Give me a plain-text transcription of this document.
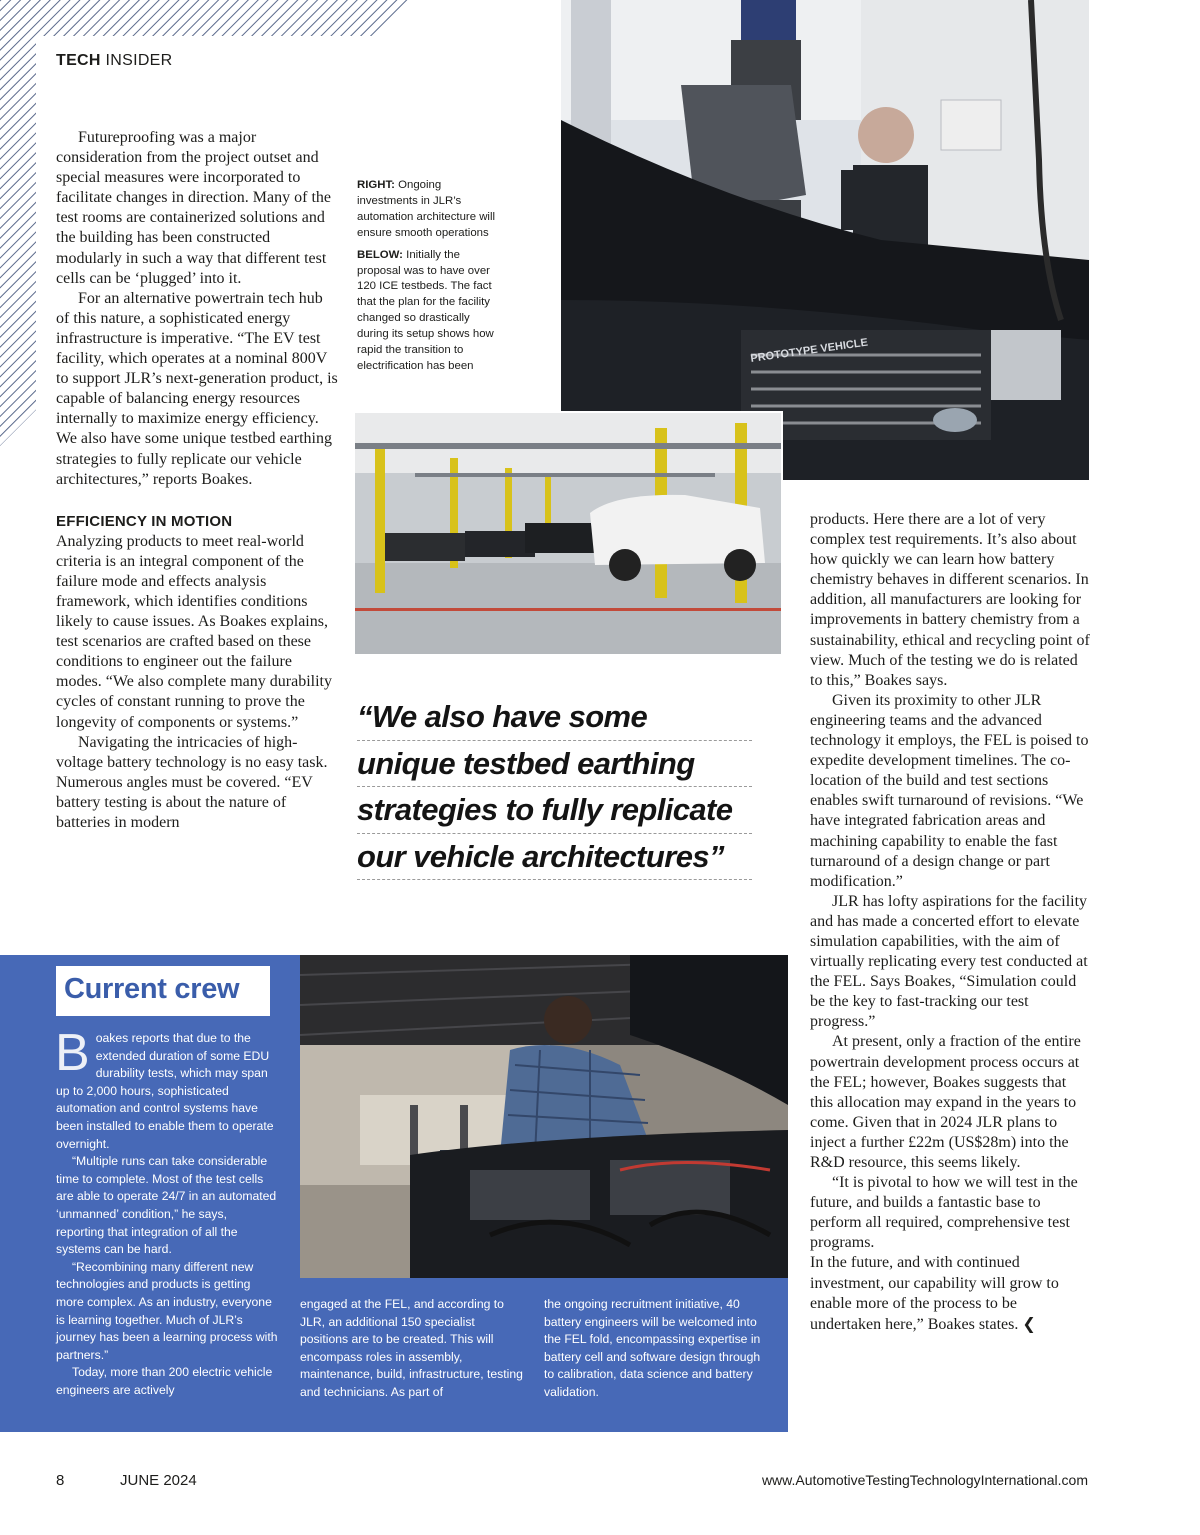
TECH INSIDER

Futureproofing was a major consideration from the project outset and special measures were incorporated to facilitate changes in direction. Many of the test rooms are containerized solutions and the building has been constructed modularly in such a way that different test cells can be ‘plugged’ into it.

For an alternative powertrain tech hub of this nature, a sophisticated energy infrastructure is imperative. “The EV test facility, which operates at a nominal 800V to support JLR’s next-generation product, is capable of balancing energy resources internally to maximize energy efficiency. We also have some unique testbed earthing strategies to fully replicate our vehicle architectures,” reports Boakes.

EFFICIENCY IN MOTION

Analyzing products to meet real-world criteria is an integral component of the failure mode and effects analysis framework, which identifies conditions likely to cause issues. As Boakes explains, test scenarios are crafted based on these conditions to engineer out the failure modes. “We also complete many durability cycles of constant running to prove the longevity of components or systems.”

Navigating the intricacies of high-voltage battery technology is no easy task. Numerous angles must be covered. “EV battery testing is about the nature of batteries in modern

RIGHT: Ongoing investments in JLR’s automation architecture will ensure smooth operations

BELOW: Initially the proposal was to have over 120 ICE testbeds. The fact that the plan for the facility changed so drastically during its setup shows how rapid the transition to electrification has been

PROTOTYPE VEHICLE
“We also have some
unique testbed earthing
strategies to fully replicate
our vehicle architectures”

products. Here there are a lot of very complex test requirements. It’s also about how quickly we can learn how battery chemistry behaves in different scenarios. In addition, all manufacturers are looking for improvements in battery chemistry from a sustainability, ethical and recycling point of view. Much of the testing we do is related to this,” Boakes says.

Given its proximity to other JLR engineering teams and the advanced technology it employs, the FEL is poised to expedite development timelines. The co-location of the build and test sections enables swift turnaround of revisions. “We have integrated fabrication areas and machining capability to enable the fast turnaround of a design change or part modification.”

JLR has lofty aspirations for the facility and has made a concerted effort to elevate simulation capabilities, with the aim of virtually replicating every test conducted at the FEL. Says Boakes, “Simulation could be the key to fast-tracking our test progress.”

At present, only a fraction of the entire powertrain development process occurs at the FEL; however, Boakes suggests that this allocation may expand in the years to come. Given that in 2024 JLR plans to inject a further £22m (US$28m) into the R&D resource, this seems likely.

“It is pivotal to how we will test in the future, and builds a fantastic base to perform all required, comprehensive test programs.

In the future, and with continued investment, our capability will grow to enable more of the process to be undertaken here,” Boakes states. ❮

Current crew

Boakes reports that due to the extended duration of some EDU durability tests, which may span up to 2,000 hours, sophisticated automation and control systems have been installed to enable them to operate overnight.

“Multiple runs can take considerable time to complete. Most of the test cells are able to operate 24/7 in an automated ‘unmanned’ condition,” he says, reporting that integration of all the systems can be hard.

“Recombining many different new technologies and products is getting more complex. As an industry, everyone is learning together. Much of JLR’s journey has been a learning process with partners.”

Today, more than 200 electric vehicle engineers are actively

engaged at the FEL, and according to JLR, an additional 150 specialist positions are to be created. This will encompass roles in assembly, maintenance, build, infrastructure, testing and technicians. As part of

the ongoing recruitment initiative, 40 battery engineers will be welcomed into the FEL fold, encompassing expertise in battery cell and software design through to calibration, data science and battery validation.

8	JUNE 2024	www.AutomotiveTestingTechnologyInternational.com
